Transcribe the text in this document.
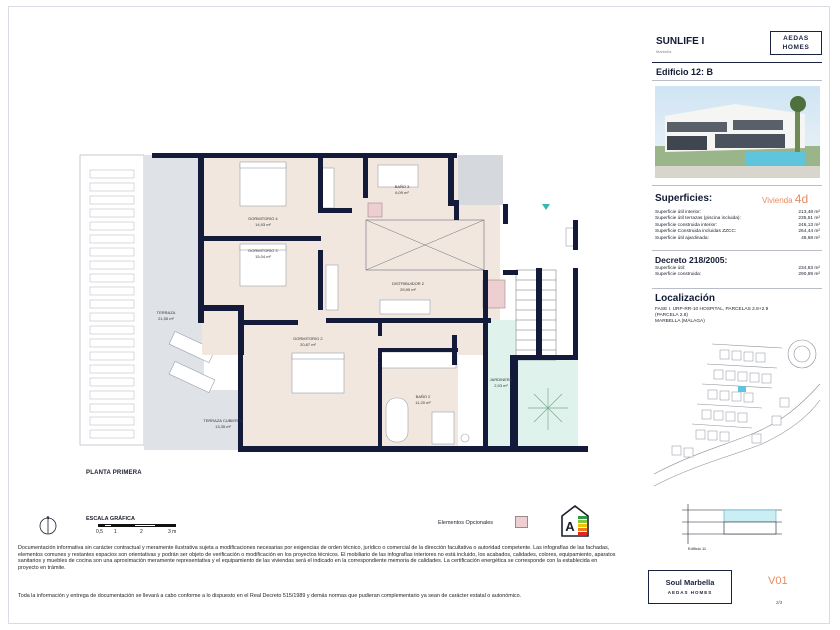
DORMITORIO 4
14,93 m²
DORMITORIO 3
15,04 m²
BAÑO 3
6,09 m²
DISTRIBUIDOR 2
29,90 m²
TERRAZA
21,55 m²
DORMITORIO 2
20,87 m²
JARDINERA
2,93 m²
BAÑO 2
11,20 m²
TERRAZA CUBIERTA
13,35 m²
PLANTA PRIMERA
N	ESCALA GRÁFICA
0,5 1	2	3 m
Elementos Opcionales	A
Documentación informativa sin carácter contractual y meramente ilustrativa sujeta a modificaciones necesarias por exigencias de orden técnico, jurídico o comercial de la dirección facultativa o autoridad competente. Las infografías de las fachadas, elementos comunes y restantes espacios son orientativas y podrán ser objeto de verificación o modificación en los proyectos técnicos. El mobiliario de las infografías interiores no está incluido, los acabados, calidades, colores, equipamiento, aparatos sanitarios y muebles de cocina son una aproximación meramente representativa y el equipamiento de las viviendas será el indicado en la correspondiente memoria de calidades. La certificación energética se corresponde con la establecida en proyecto en trámite.
Toda la información y entrega de documentación se llevará a cabo conforme a lo dispuesto en el Real Decreto 515/1989 y demás normas que pudieran complementario ya sean de carácter estatal o autonómico.
SUNLIFE I
Marbella
AEDAS
HOMES
Edificio 12: B
Superficies:	Vivienda 4d
Superficie útil interior:	213,48 m²
Superficie útil terrazas (piscina incluida):	235,51 m²
Superficie construida interior:	246,13 m²
Superficie Construida incluidas ZZCC:	264,44 m²
Superficie útil ajardinada:	48,68 m²
Decreto 218/2005:
Superficie útil:	234,83 m²
Superficie construida:	290,89 m²
Localización
FASE I. URP-RR-10 HOSPITAL, PARCELAS 2.8+2.9
(PARCELA 2.8)
MARBELLA (MÁLAGA)
Edificio 11
Soul Marbella
AEDAS HOMES
V01
2/3
